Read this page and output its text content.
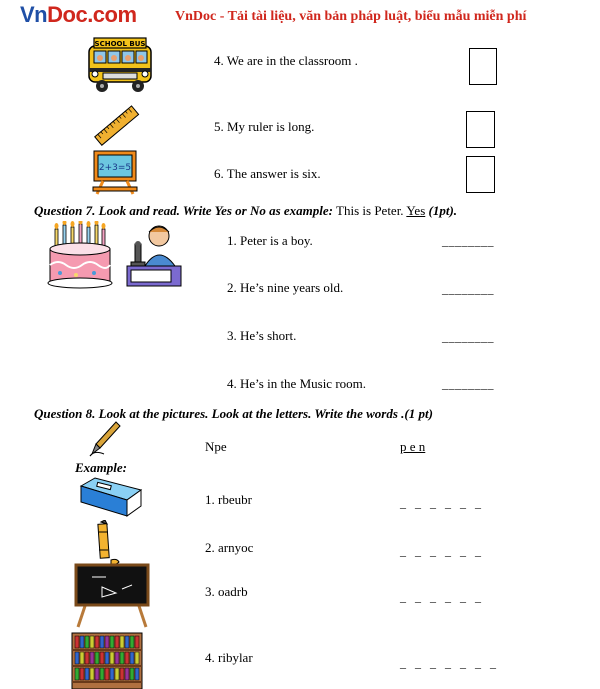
VnDoc.com	VnDoc - Tải tài liệu, văn bản pháp luật, biểu mẫu miễn phí
SCHOOL BUS
4. We are in the classroom .
5. My ruler is long.
2+3=5	6. The answer is six.
Question 7. Look and read. Write Yes or No as example: This is Peter. Yes (1pt).
1. Peter is a boy.	________
2. He’s nine years old.	________
3. He’s short.	________
4. He’s in the Music room.	________
Question 8. Look at the pictures. Look at the letters. Write the words .(1 pt)
Example:
Npe	p e n
1. rbeubr	_ _ _ _ _ _
2. arnyoc	_ _ _ _ _ _
3. oadrb	_ _ _ _ _ _
4. ribylar	_ _ _ _ _ _ _
